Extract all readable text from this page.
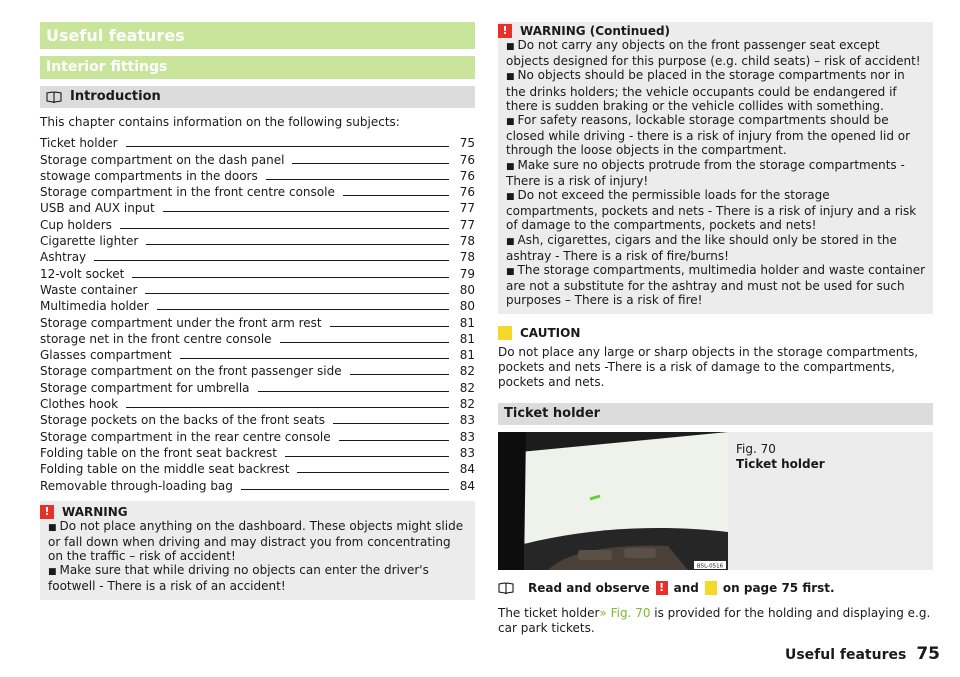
Useful features
Interior fittings
Introduction
This chapter contains information on the following subjects:
Ticket holder	75
Storage compartment on the dash panel	76
stowage compartments in the doors	76
Storage compartment in the front centre console	76
USB and AUX input	77
Cup holders	77
Cigarette lighter	78
Ashtray	78
12-volt socket	79
Waste container	80
Multimedia holder	80
Storage compartment under the front arm rest	81
storage net in the front centre console	81
Glasses compartment	81
Storage compartment on the front passenger side	82
Storage compartment for umbrella	82
Clothes hook	82
Storage pockets on the backs of the front seats	83
Storage compartment in the rear centre console	83
Folding table on the front seat backrest	83
Folding table on the middle seat backrest	84
Removable through-loading bag	84
!	WARNING
■ Do not place anything on the dashboard. These objects might slide or fall down when driving and may distract you from concentrating on the traffic – risk of accident!
■ Make sure that while driving no objects can enter the driver's footwell - There is a risk of an accident!
!	WARNING (Continued)
■ Do not carry any objects on the front passenger seat except objects designed for this purpose (e.g. child seats) – risk of accident!
■ No objects should be placed in the storage compartments nor in the drinks holders; the vehicle occupants could be endangered if there is sudden braking or the vehicle collides with something.
■ For safety reasons, lockable storage compartments should be closed while driving - there is a risk of injury from the opened lid or through the loose objects in the compartment.
■ Make sure no objects protrude from the storage compartments - There is a risk of injury!
■ Do not exceed the permissible loads for the storage compartments, pockets and nets - There is a risk of injury and a risk of damage to the compartments, pockets and nets!
■ Ash, cigarettes, cigars and the like should only be stored in the ashtray - There is a risk of fire/burns!
■ The storage compartments, multimedia holder and waste container are not a substitute for the ashtray and must not be used for such purposes – There is a risk of fire!
CAUTION
Do not place any large or sharp objects in the storage compartments, pockets and nets -There is a risk of damage to the compartments, pockets and nets.
Ticket holder
B5L-0516
Fig. 70
Ticket holder
Read and observe ! and on page 75 first.
The ticket holder» Fig. 70 is provided for the holding and displaying e.g. car park tickets.
Useful features 75
